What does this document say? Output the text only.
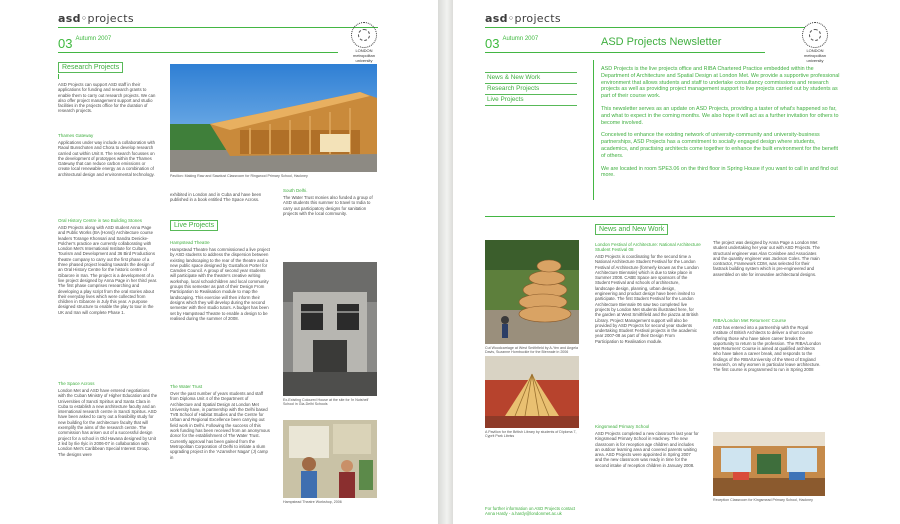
asd◦projects
03 $^{Autumn 2007}$
LONDON
metropolitan
university
Research Projects
ASD Projects can support ASD staff in their applications for funding and research grants to enable them to carry out research projects. We can also offer project management support and studio facilities in the projects office for the duration of research projects.
Thames Gateway
Applications under way include a collaboration with Raoul Bunschoten and Chora to develop research carried out within Unit 8. The research focusses on the development of prototypes within the Thames Gateway that can reduce carbon emissions or create local renewable energy as a combination of architectural design and environmental technology.
Oral History Centre in two Building Stones
ASD Projects along with ASD student Anna Page and Public Works (BA (Hons)) Architecture course leaders Torange Khonsari and Sandra Denicke-Polcher's practice are currently collaborating with London Met's International Institute for Culture, Tourism and Development and 36 Bird Productions theatre company to carry out the first phase of a three phased project leading towards the design of an Oral History Centre for the historic centre of Gibarore in Iran. The project is a development of a live project designed by Anna Page in her third year. The first phase comprises researching and developing a play script from the oral stories about their everyday lives which were collected from children in Gibarore in July this year. A purpose designed structure to enable the play to tour in the UK and Iran will complete Phase 1.
The Space Across
London Met and ASD have entered negotiations with the Cuban Ministry of Higher Education and the Universities of Sancti Spiritus and Santa Clara in Cuba to establish a new architecture faculty and an international research centre in Sancti Spiritus. ASD have been asked to carry out a feasibility study for new building for the architecture faculty that will exemplify the aims of the research centre. The commission has arisen out of a successful design project for a school in Old Havana designed by Unit 2 led by Ilie Ilyic in 2006-07 in collaboration with London Met's Caribbean Special Interest Group. The designs were
Pavilion: Making Raw and Sawdust Classroom for Ringwood Primary School, Hackney
exhibited in London and in Cuba and have been published in a book entitled The Space Across.
Live Projects
Hampstead Theatre
Hampstead Theatre has commissioned a live project by ASD students to address the dispersion between existing landscaping to the rear of the theatre and a new public space designed by Gustafson Porter for Camden Council. A group of second year students will participate with the theatre's creative writing workshop, local schoolchildren and local community groups this semester as part of their Design From Participation to Realisation module to map the landscaping. This exercise will then inform their designs which they will develop during the second semester with their studio tutors. A budget has been set by Hampstead Theatre to enable a design to be realised during the summer of 2008.
The Water Trust
Over the past number of years students and staff from Diploma Unit 4 of the Department of Architecture and Spatial Design at London Met University have, in partnership with the Delhi based TVB School of Habitat Studies and the Centre for Urban and Regional Excellence been carrying out field work in Delhi. Following the success of this work funding has been received from an anonymous donor for the establishment of The Water Trust. Currently approval has been gained from the Metropolitan Corporation of Delhi to initiate a slum upgrading project in the 'Azamsher Nagar' (J) camp in
South Delhi.
The Water Trust monies also funded a group of ASD students this summer to travel to India to carry out participatory designs for sanitation projects with the local community.
Ex-Existing Coloured House at the site for 'in Nutshell' School in Gia-Delhi Schools
Hampstead Theatre Workshop, 2006
asd◦projects
03 $^{Autumn 2007}$	ASD Projects Newsletter
LONDON
metropolitan
university
News & New Work
Research Projects
Live Projects

ASD Projects is the live projects office and RIBA Chartered Practice embedded within the Department of Architecture and Spatial Design at London Met. We provide a supportive professional environment that allows students and staff to undertake consultancy commissions and research projects as well as providing project management support to live projects carried out by students as part of their course work.

This newsletter serves as an update on ASD Projects, providing a taster of what's happened so far, and what to expect in the coming months. We also hope it will act as a further invitation for others to become involved.

Conceived to enhance the existing network of university-community and university-business partnerships, ASD Projects has a commitment to socially engaged design where students, academics, and practising architects come together to enhance the built environment for the benefit of others.

We are located in room SPE3.06 on the third floor in Spring House if you want to call in and find out more.

News and New Work
Cut Woodcarriage at West Smithfield by A-Yen and Angela Davis, Suzanne Hornbuckle for the Biennale in 2006
A Pavilion for the British Library by students of Diploma 7, Cyprit Park Libriss
For further information on ASD Projects contact Anna Hardy - a.hardy@londonmet.ac.uk
London Festival of Architecture: National Architecture Student Festival 08
ASD Projects is coordinating for the second time a National Architecture Student Festival for the London Festival of Architecture (formerly known as the London Architecture Biennale) which is due to take place in Summer 2008. CABE Space are sponsors of the Student Festival and schools of architecture, landscape design, planning, urban design, engineering and product design have been invited to participate. The first Student Festival for the London Architecture Biennale 06 saw two completed live projects by London Met students illustrated here, for the garden at West Smithfield and the piazza at British Library. Project Management support will also be provided by ASD Projects for second year students undertaking Student Festival projects in the academic year 2007-08 as part of their Design From Participation to Realisation module.
Kingsmead Primary School
ASD Projects completed a new classroom last year for Kingsmead Primary School in Hackney. The new classroom is for reception age children and includes an outdoor learning area and covered parents waiting area. ASD Projects were appointed in Spring 2007 and the new classroom was ready in time for the second intake of reception children in January 2008.
The project was designed by Anna Page a London Met student undertaking her year out with ASD Projects. The structural engineer was Alan Conisbee and Associates and the quantity engineer was Jackson Coles. The main contractor, Framework CDM, was selected for their fastrack building system which is pre-engineered and assembled on site for innovative architectural designs.
RIBA/London Met Returners' Course
ASD has entered into a partnership with the Royal Institute of British Architects to deliver a short course offering those who have taken career breaks the opportunity to return to the profession. The RIBA/London Met Returners' Course is aimed at qualified architects who have taken a career break, and responds to the findings of the RIBA/University of the West of England research, on why women in particular leave architecture. The first course is programmed to run in Spring 2008
Reception Classroom for Kingsmead Primary School, Hackney
